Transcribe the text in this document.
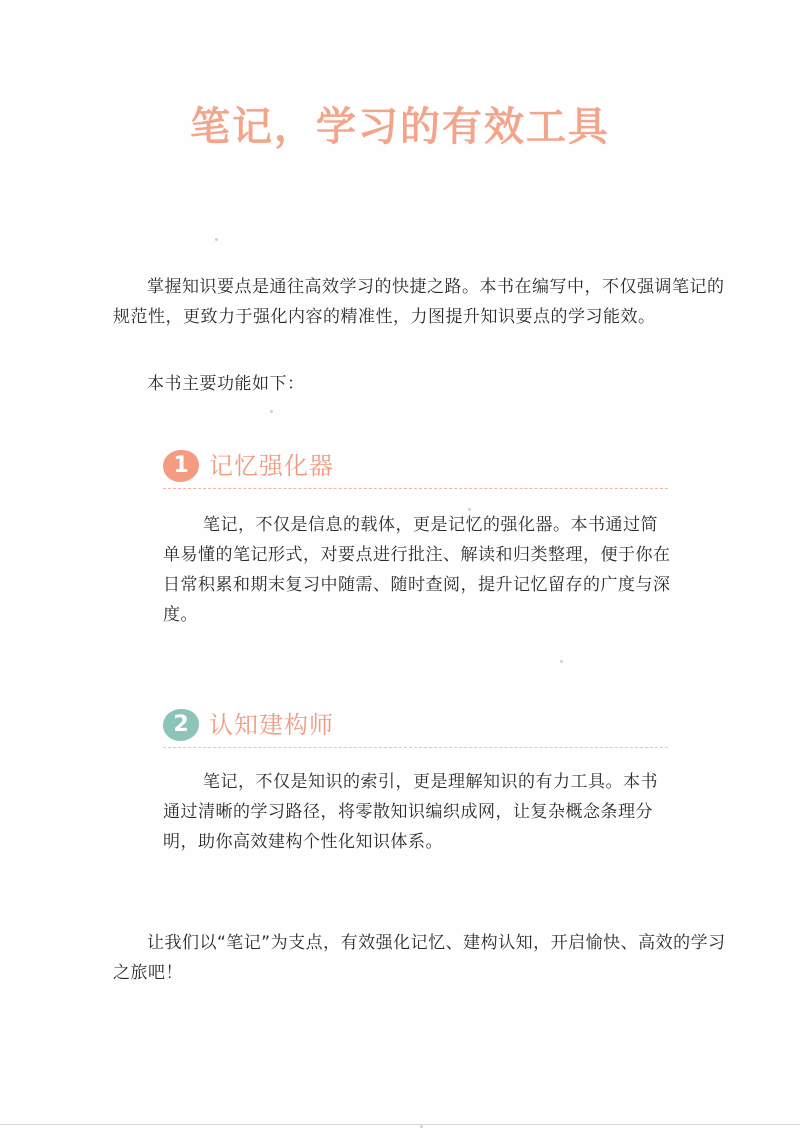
笔记，学习的有效工具

掌握知识要点是通往高效学习的快捷之路。本书在编写中，不仅强调笔记的规范性，更致力于强化内容的精准性，力图提升知识要点的学习能效。

本书主要功能如下：

1 记忆强化器

笔记，不仅是信息的载体，更是记忆的强化器。本书通过简单易懂的笔记形式，对要点进行批注、解读和归类整理，便于你在日常积累和期末复习中随需、随时查阅，提升记忆留存的广度与深度。

2 认知建构师

笔记，不仅是知识的索引，更是理解知识的有力工具。本书通过清晰的学习路径，将零散知识编织成网，让复杂概念条理分明，助你高效建构个性化知识体系。

让我们以“笔记”为支点，有效强化记忆、建构认知，开启愉快、高效的学习之旅吧！
